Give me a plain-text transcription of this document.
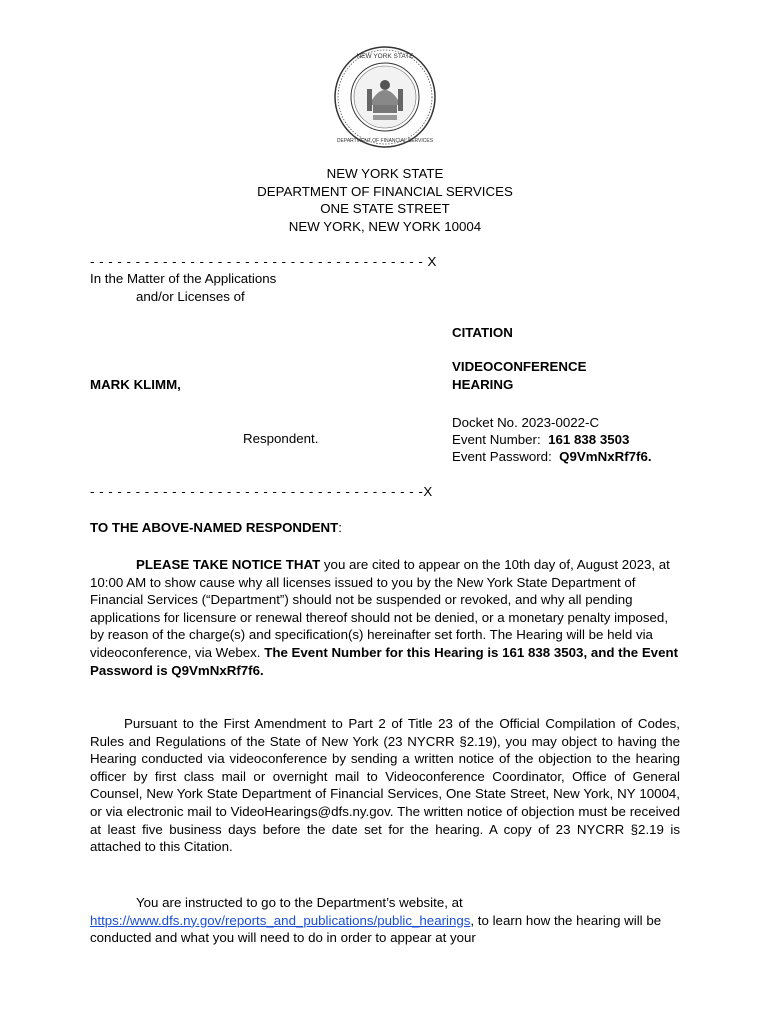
NEW YORK STATE
DEPARTMENT OF FINANCIAL SERVICES
NEW YORK STATE
DEPARTMENT OF FINANCIAL SERVICES
ONE STATE STREET
NEW YORK, NEW YORK 10004
- - - - - - - - - - - - - - - - - - - - - - - - - - - - - - - - - - - - - X
In the Matter of the Applications
and/or Licenses of
CITATION
VIDEOCONFERENCE
HEARING
MARK KLIMM,
Docket No. 2023-0022-C
Respondent.	Event Number: 161 838 3503
Event Password: Q9VmNxRf7f6.
- - - - - - - - - - - - - - - - - - - - - - - - - - - - - - - - - - - - -X
TO THE ABOVE-NAMED RESPONDENT:
PLEASE TAKE NOTICE THAT you are cited to appear on the 10th day of, August 2023, at 10:00 AM to show cause why all licenses issued to you by the New York State Department of Financial Services (“Department”) should not be suspended or revoked, and why all pending applications for licensure or renewal thereof should not be denied, or a monetary penalty imposed, by reason of the charge(s) and specification(s) hereinafter set forth. The Hearing will be held via videoconference, via Webex. The Event Number for this Hearing is 161 838 3503, and the Event Password is Q9VmNxRf7f6.
Pursuant to the First Amendment to Part 2 of Title 23 of the Official Compilation of Codes, Rules and Regulations of the State of New York (23 NYCRR §2.19), you may object to having the Hearing conducted via videoconference by sending a written notice of the objection to the hearing officer by first class mail or overnight mail to Videoconference Coordinator, Office of General Counsel, New York State Department of Financial Services, One State Street, New York, NY 10004, or via electronic mail to VideoHearings@dfs.ny.gov. The written notice of objection must be received at least five business days before the date set for the hearing. A copy of 23 NYCRR §2.19 is attached to this Citation.
You are instructed to go to the Department’s website, at https://www.dfs.ny.gov/reports_and_publications/public_hearings, to learn how the hearing will be conducted and what you will need to do in order to appear at your
